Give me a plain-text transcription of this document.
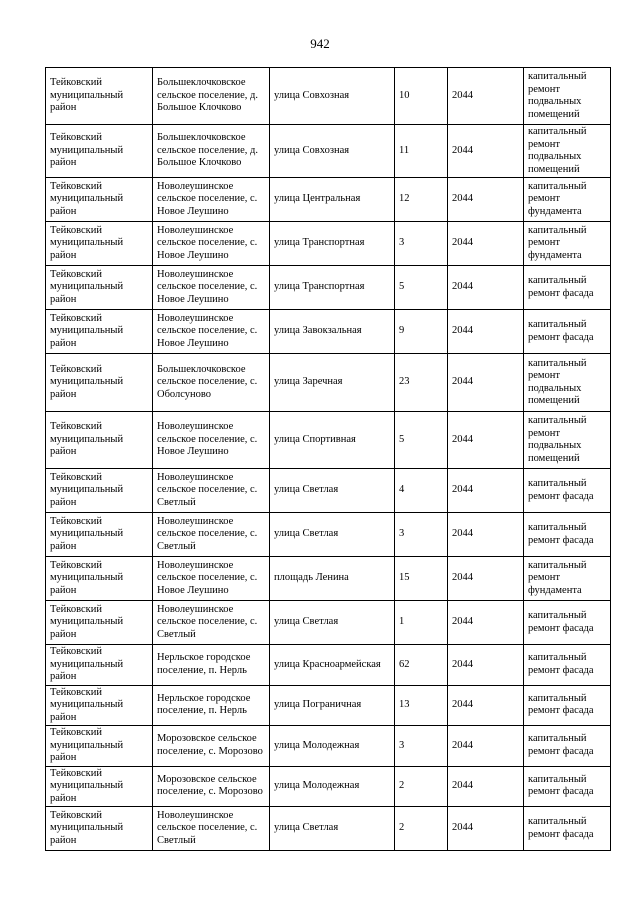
942
Тейковский муниципальный район	Большеклочковское сельское поселение, д. Большое Клочково	улица Совхозная	10	2044	капитальный ремонт подвальных помещений
Тейковский муниципальный район	Большеклочковское сельское поселение, д. Большое Клочково	улица Совхозная	11	2044	капитальный ремонт подвальных помещений
Тейковский муниципальный район	Новолеушинское сельское поселение, с. Новое Леушино	улица Центральная	12	2044	капитальный ремонт фундамента
Тейковский муниципальный район	Новолеушинское сельское поселение, с. Новое Леушино	улица Транспортная	3	2044	капитальный ремонт фундамента
Тейковский муниципальный район	Новолеушинское сельское поселение, с. Новое Леушино	улица Транспортная	5	2044	капитальный ремонт фасада
Тейковский муниципальный район	Новолеушинское сельское поселение, с. Новое Леушино	улица Завокзальная	9	2044	капитальный ремонт фасада
Тейковский муниципальный район	Большеклочковское сельское поселение, с. Оболсуново	улица Заречная	23	2044	капитальный ремонт подвальных помещений
Тейковский муниципальный район	Новолеушинское сельское поселение, с. Новое Леушино	улица Спортивная	5	2044	капитальный ремонт подвальных помещений
Тейковский муниципальный район	Новолеушинское сельское поселение, с. Светлый	улица Светлая	4	2044	капитальный ремонт фасада
Тейковский муниципальный район	Новолеушинское сельское поселение, с. Светлый	улица Светлая	3	2044	капитальный ремонт фасада
Тейковский муниципальный район	Новолеушинское сельское поселение, с. Новое Леушино	площадь Ленина	15	2044	капитальный ремонт фундамента
Тейковский муниципальный район	Новолеушинское сельское поселение, с. Светлый	улица Светлая	1	2044	капитальный ремонт фасада
Тейковский муниципальный район	Нерльское городское поселение, п. Нерль	улица Красноармейская	62	2044	капитальный ремонт фасада
Тейковский муниципальный район	Нерльское городское поселение, п. Нерль	улица Пограничная	13	2044	капитальный ремонт фасада
Тейковский муниципальный район	Морозовское сельское поселение, с. Морозово	улица Молодежная	3	2044	капитальный ремонт фасада
Тейковский муниципальный район	Морозовское сельское поселение, с. Морозово	улица Молодежная	2	2044	капитальный ремонт фасада
Тейковский муниципальный район	Новолеушинское сельское поселение, с. Светлый	улица Светлая	2	2044	капитальный ремонт фасада
